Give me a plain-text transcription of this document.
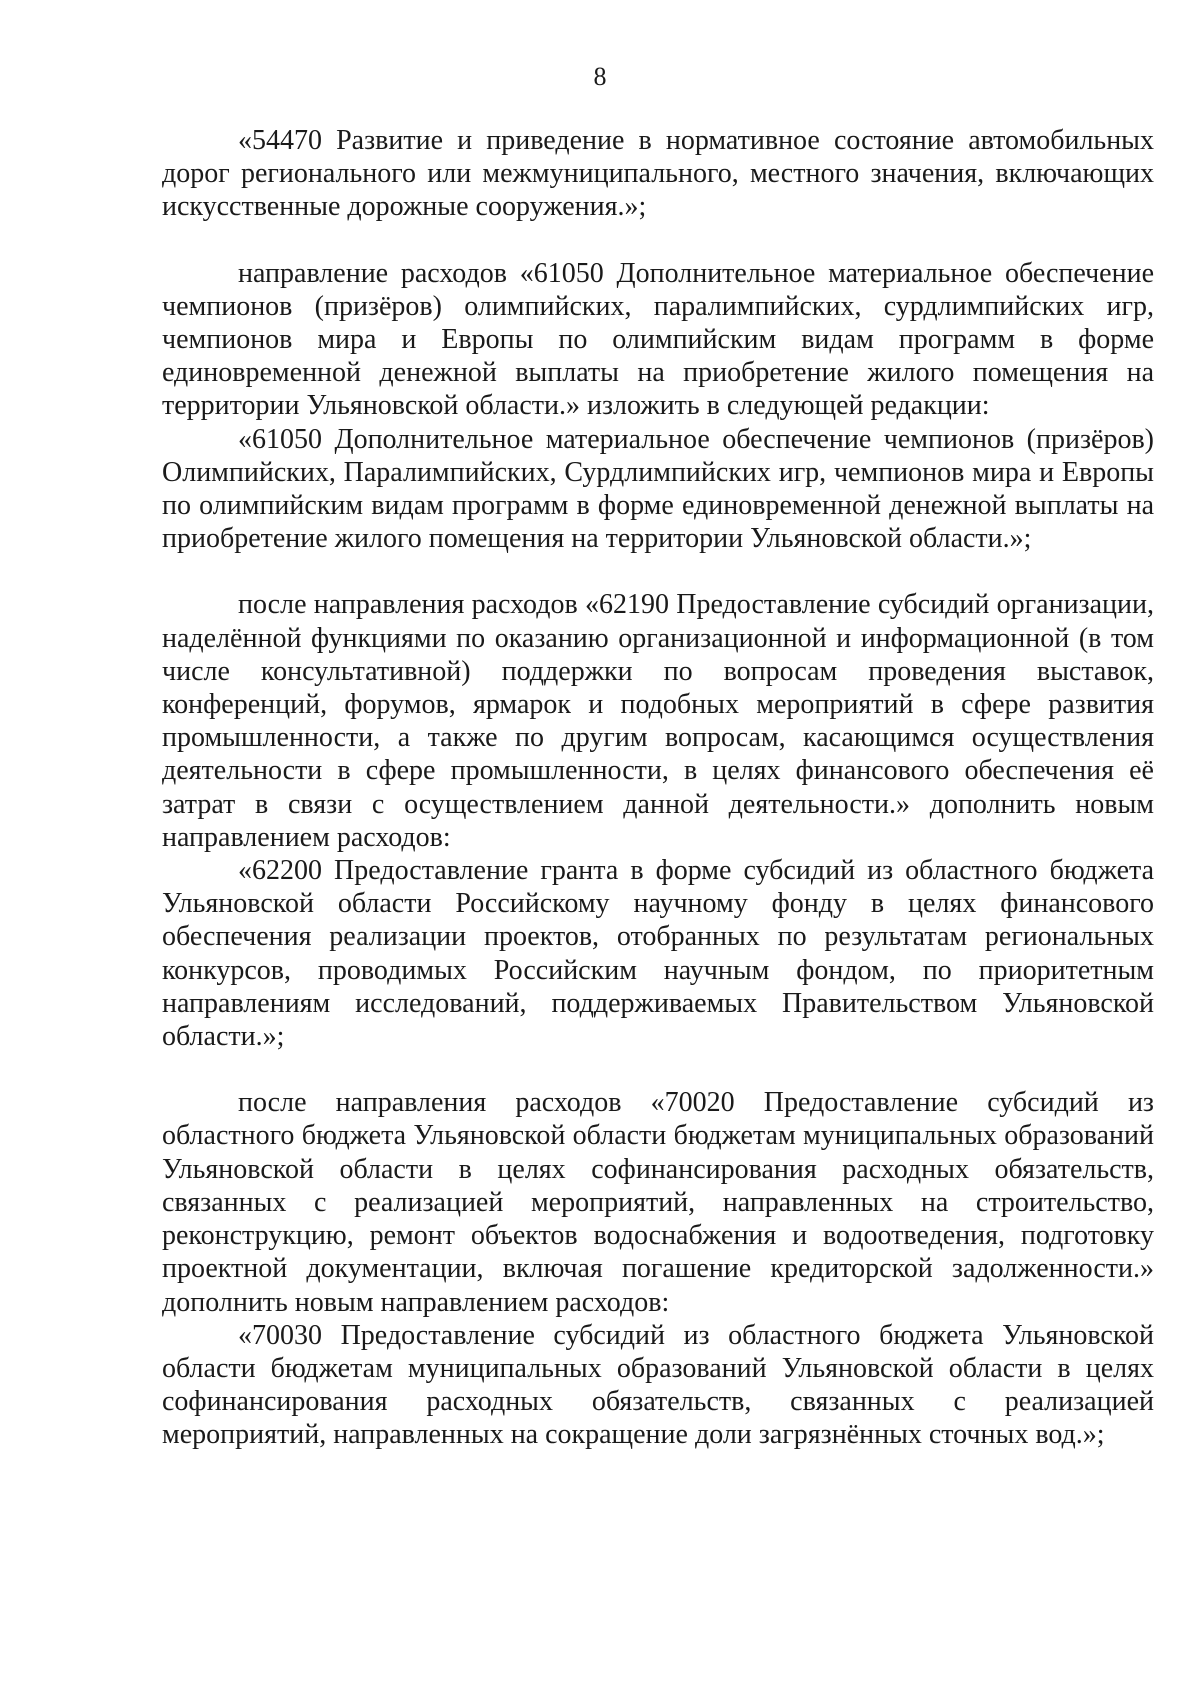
8

«54470 Развитие и приведение в нормативное состояние автомобильных дорог регионального или межмуниципального, местного значения, включающих искусственные дорожные сооружения.»;

направление расходов «61050 Дополнительное материальное обеспечение чемпионов (призёров) олимпийских, паралимпийских, сурдлимпийских игр, чемпионов мира и Европы по олимпийским видам программ в форме единовременной денежной выплаты на приобретение жилого помещения на территории Ульяновской области.» изложить в следующей редакции:

«61050 Дополнительное материальное обеспечение чемпионов (призёров) Олимпийских, Паралимпийских, Сурдлимпийских игр, чемпионов мира и Европы по олимпийским видам программ в форме единовременной денежной выплаты на приобретение жилого помещения на территории Ульяновской области.»;

после направления расходов «62190 Предоставление субсидий организации, наделённой функциями по оказанию организационной и информационной (в том числе консультативной) поддержки по вопросам проведения выставок, конференций, форумов, ярмарок и подобных мероприятий в сфере развития промышленности, а также по другим вопросам, касающимся осуществления деятельности в сфере промышленности, в целях финансового обеспечения её затрат в связи с осуществлением данной деятельности.» дополнить новым направлением расходов:

«62200 Предоставление гранта в форме субсидий из областного бюджета Ульяновской области Российскому научному фонду в целях финансового обеспечения реализации проектов, отобранных по результатам региональных конкурсов, проводимых Российским научным фондом, по приоритетным направлениям исследований, поддерживаемых Правительством Ульяновской области.»;

после направления расходов «70020 Предоставление субсидий из областного бюджета Ульяновской области бюджетам муниципальных образований Ульяновской области в целях софинансирования расходных обязательств, связанных с реализацией мероприятий, направленных на строительство, реконструкцию, ремонт объектов водоснабжения и водоотведения, подготовку проектной документации, включая погашение кредиторской задолженности.» дополнить новым направлением расходов:

«70030 Предоставление субсидий из областного бюджета Ульяновской области бюджетам муниципальных образований Ульяновской области в целях софинансирования расходных обязательств, связанных с реализацией мероприятий, направленных на сокращение доли загрязнённых сточных вод.»;
